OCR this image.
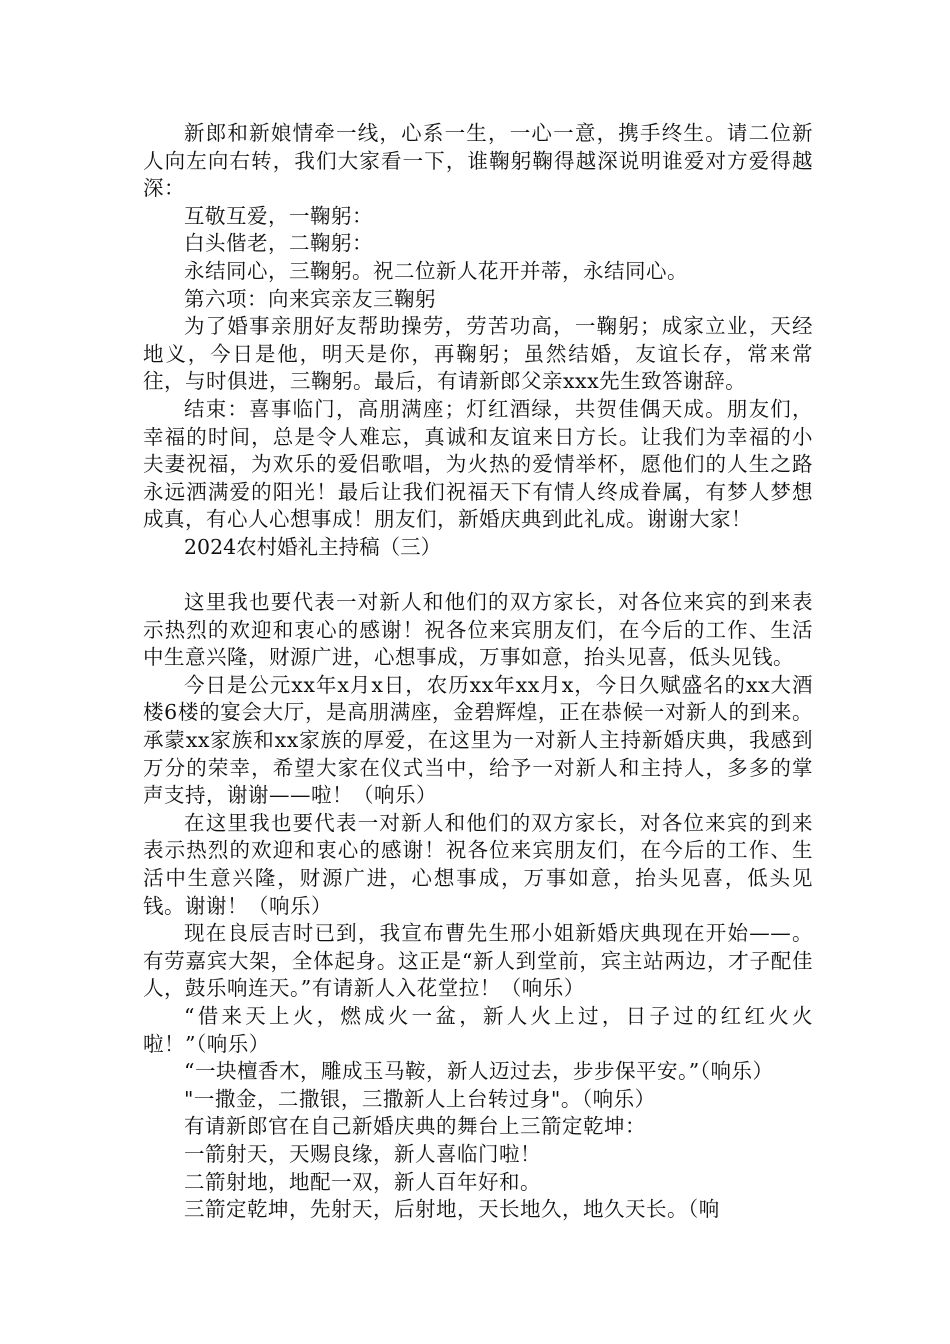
新郎和新娘情牵一线，心系一生，一心一意，携手终生。请二位新人向左向右转，我们大家看一下，谁鞠躬鞠得越深说明谁爱对方爱得越深：

互敬互爱，一鞠躬：

白头偕老，二鞠躬：

永结同心，三鞠躬。祝二位新人花开并蒂，永结同心。

第六项：向来宾亲友三鞠躬

为了婚事亲朋好友帮助操劳，劳苦功高，一鞠躬；成家立业，天经地义，今日是他，明天是你，再鞠躬；虽然结婚，友谊长存，常来常往，与时俱进，三鞠躬。最后，有请新郎父亲xxx先生致答谢辞。

结束：喜事临门，高朋满座；灯红酒绿，共贺佳偶天成。朋友们，幸福的时间，总是令人难忘，真诚和友谊来日方长。让我们为幸福的小夫妻祝福，为欢乐的爱侣歌唱，为火热的爱情举杯，愿他们的人生之路永远洒满爱的阳光！最后让我们祝福天下有情人终成眷属，有梦人梦想成真，有心人心想事成！朋友们，新婚庆典到此礼成。谢谢大家！

2024农村婚礼主持稿（三）

这里我也要代表一对新人和他们的双方家长，对各位来宾的到来表示热烈的欢迎和衷心的感谢！祝各位来宾朋友们，在今后的工作、生活中生意兴隆，财源广进，心想事成，万事如意，抬头见喜，低头见钱。

今日是公元xx年x月x日，农历xx年xx月x，今日久赋盛名的xx大酒楼6楼的宴会大厅，是高朋满座，金碧辉煌，正在恭候一对新人的到来。承蒙xx家族和xx家族的厚爱，在这里为一对新人主持新婚庆典，我感到万分的荣幸，希望大家在仪式当中，给予一对新人和主持人，多多的掌声支持，谢谢——啦！（响乐）

在这里我也要代表一对新人和他们的双方家长，对各位来宾的到来表示热烈的欢迎和衷心的感谢！祝各位来宾朋友们，在今后的工作、生活中生意兴隆，财源广进，心想事成，万事如意，抬头见喜，低头见钱。谢谢！（响乐）

现在良辰吉时已到，我宣布曹先生邢小姐新婚庆典现在开始——。有劳嘉宾大架，全体起身。这正是“新人到堂前，宾主站两边，才子配佳人，鼓乐响连天。”有请新人入花堂拉！（响乐）

“借来天上火，燃成火一盆，新人火上过，日子过的红红火火啦！”（响乐）

“一块檀香木，雕成玉马鞍，新人迈过去，步步保平安。”（响乐）

"一撒金，二撒银，三撒新人上台转过身"。（响乐）

有请新郎官在自己新婚庆典的舞台上三箭定乾坤：

一箭射天，天赐良缘，新人喜临门啦！

二箭射地，地配一双，新人百年好和。

三箭定乾坤，先射天，后射地，天长地久，地久天长。（响
